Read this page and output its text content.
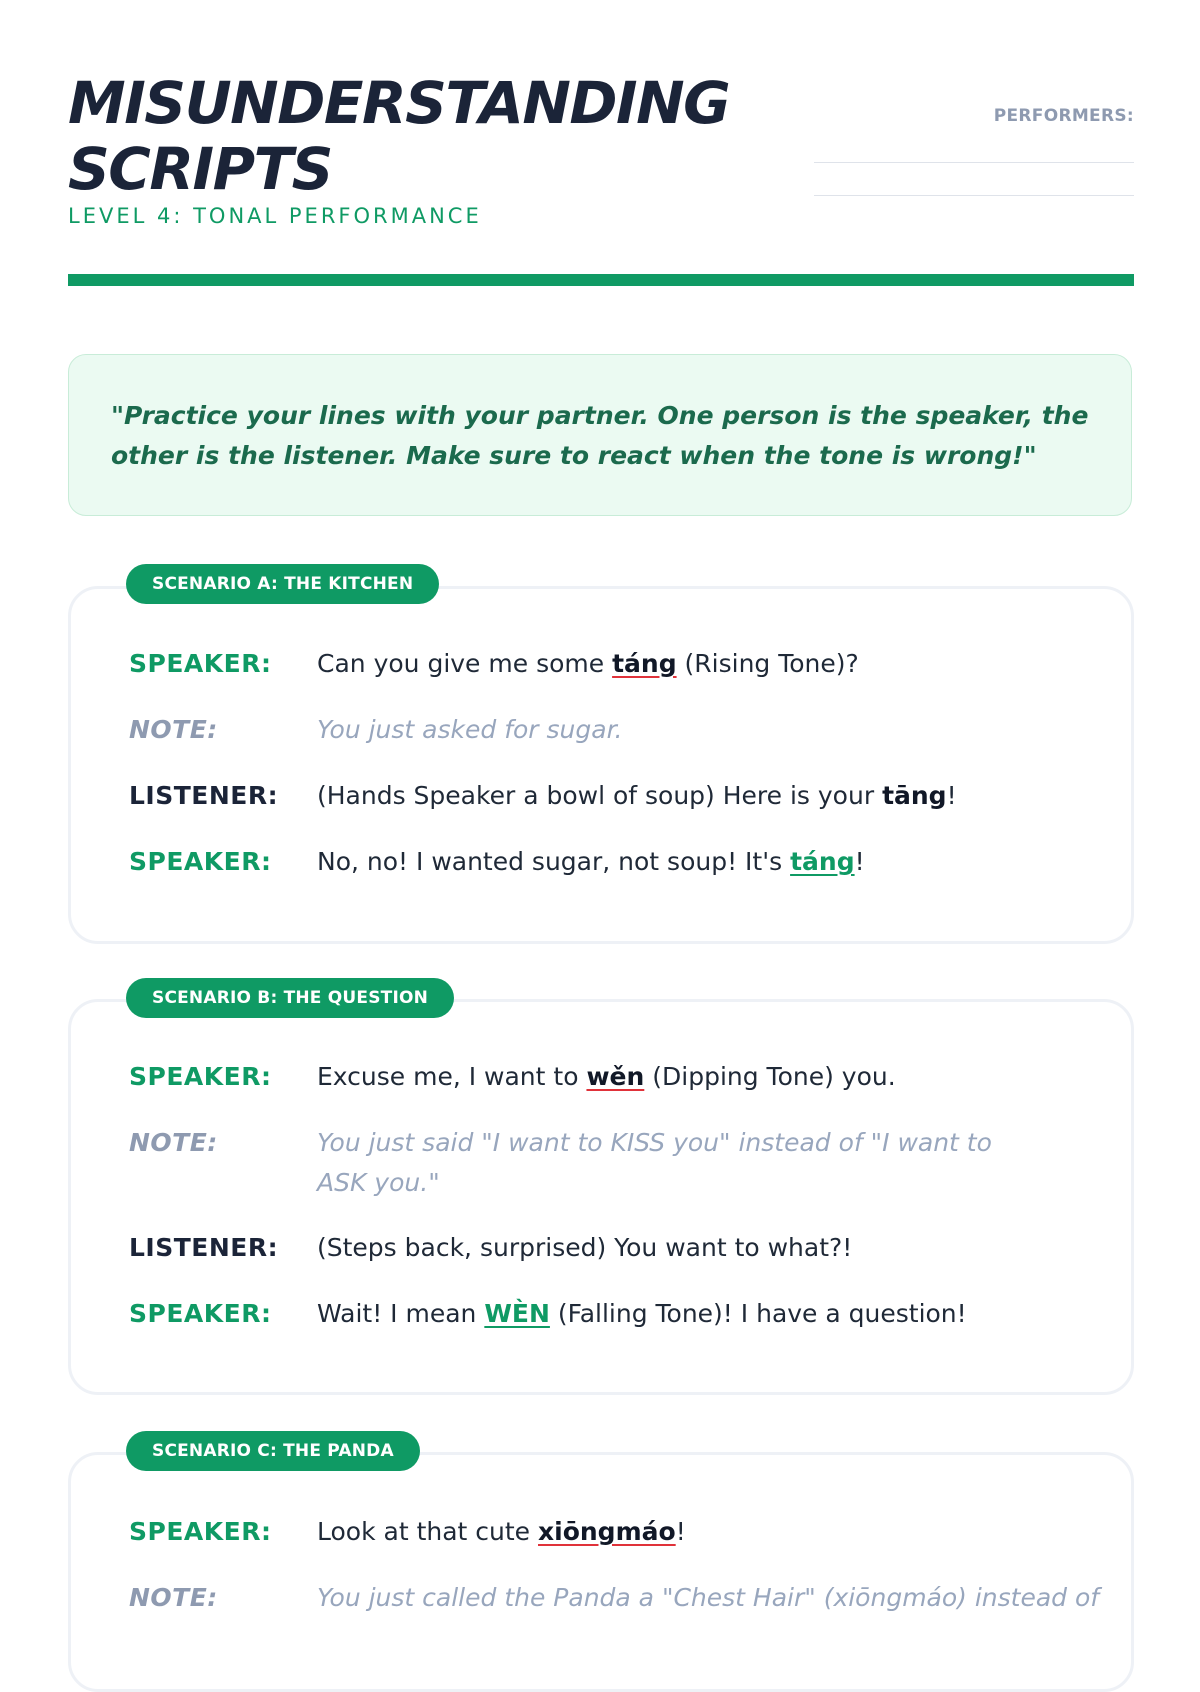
MISUNDERSTANDING
SCRIPTS
LEVEL 4: TONAL PERFORMANCE
PERFORMERS:
"Practice your lines with your partner. One person is the speaker, the other is the listener. Make sure to react when the tone is wrong!"
SPEAKER:	Can you give me some táng (Rising Tone)?
NOTE:	You just asked for sugar.
LISTENER:	(Hands Speaker a bowl of soup) Here is your tāng!
SPEAKER:	No, no! I wanted sugar, not soup! It's táng!
SCENARIO A: THE KITCHEN
SPEAKER:	Excuse me, I want to wěn (Dipping Tone) you.
NOTE:	You just said "I want to KISS you" instead of "I want to ASK you."
LISTENER:	(Steps back, surprised) You want to what?!
SPEAKER:	Wait! I mean WÈN (Falling Tone)! I have a question!
SCENARIO B: THE QUESTION
SPEAKER:	Look at that cute xiōngmáo!
NOTE:	You just called the Panda a "Chest Hair" (xiōngmáo) instead of
SCENARIO C: THE PANDA
